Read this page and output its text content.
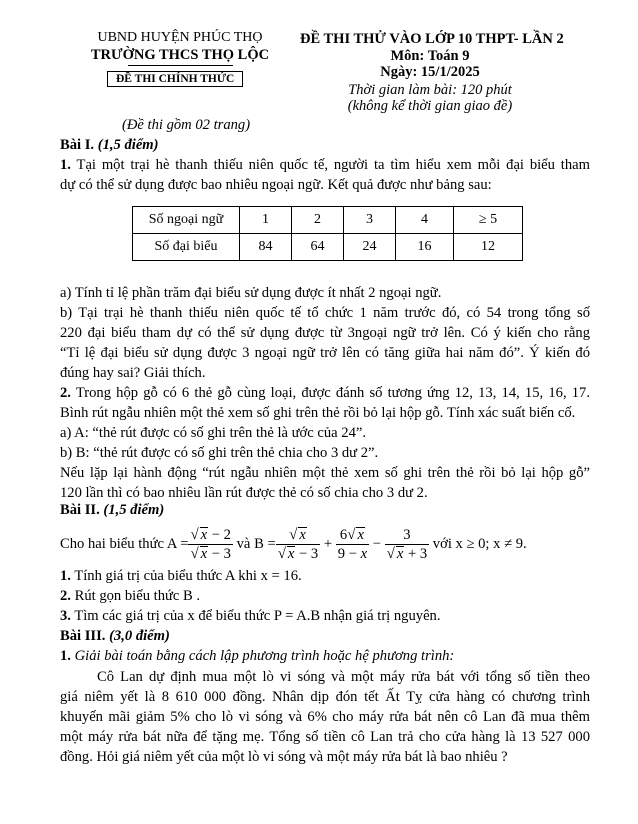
UBND HUYỆN PHÚC THỌ
TRƯỜNG THCS THỌ LỘC
ĐỀ THI CHÍNH THỨC
ĐỀ THI THỬ VÀO LỚP 10 THPT- LẦN 2
Môn: Toán 9
Ngày: 15/1/2025
Thời gian làm bài: 120 phút
(không kể thời gian giao đề)
(Đề thi gồm 02 trang)
Bài I. (1,5 điểm)
1. Tại một trại hè thanh thiếu niên quốc tế, người ta tìm hiểu xem mỗi đại biểu tham
dự có thể sử dụng được bao nhiêu ngoại ngữ. Kết quả được như bảng sau:
Số ngoại ngữ	1	2	3	4	≥ 5
Số đại biểu	84	64	24	16	12
a) Tính tỉ lệ phần trăm đại biểu sử dụng được ít nhất 2 ngoại ngữ.
b) Tại trại hè thanh thiếu niên quốc tế tổ chức 1 năm trước đó, có 54 trong tổng số
220 đại biểu tham dự có thể sử dụng được từ 3ngoại ngữ trở lên. Có ý kiến cho rằng
“Tỉ lệ đại biểu sử dụng được 3 ngoại ngữ trở lên có tăng giữa hai năm đó”. Ý kiến đó
đúng hay sai? Giải thích.
2. Trong hộp gỗ có 6 thẻ gỗ cùng loại, được đánh số tương ứng 12, 13, 14, 15, 16, 17.
Bình rút ngẫu nhiên một thẻ xem số ghi trên thẻ rồi bỏ lại hộp gỗ. Tính xác suất biến cố.
a) A: “thẻ rút được có số ghi trên thẻ là ước của 24”.
b) B: “thẻ rút được có số ghi trên thẻ chia cho 3 dư 2”.
Nếu lặp lại hành động “rút ngẫu nhiên một thẻ xem số ghi trên thẻ rồi bỏ lại hộp gỗ”
120 lần thì có bao nhiêu lần rút được thẻ có số chia cho 3 dư 2.
Bài II. (1,5 điểm)
Cho hai biểu thức $A = \frac{√ x - 2}{√ x - 3}$ và $B = \frac{√ x}{√ x - 3} + \frac{6√ x}{9 - x} - \frac{3}{√ x + 3}$ với x ≥ 0; x ≠ 9.
1. Tính giá trị của biểu thức A khi x = 16.
2. Rút gọn biểu thức B .
3. Tìm các giá trị của x để biểu thức P = A.B nhận giá trị nguyên.
Bài III. (3,0 điểm)
1. Giải bài toán bằng cách lập phương trình hoặc hệ phương trình:
Cô Lan dự định mua một lò vi sóng và một máy rửa bát với tổng số tiền theo
giá niêm yết là 8 610 000 đồng. Nhân dịp đón tết Ất Tỵ cửa hàng có chương trình
khuyến mãi giảm 5% cho lò vi sóng và 6% cho máy rửa bát nên cô Lan đã mua thêm
một máy rửa bát nữa để tặng mẹ. Tổng số tiền cô Lan trả cho cửa hàng là 13 527 000
đồng. Hỏi giá niêm yết của một lò vi sóng và một máy rửa bát là bao nhiêu ?
